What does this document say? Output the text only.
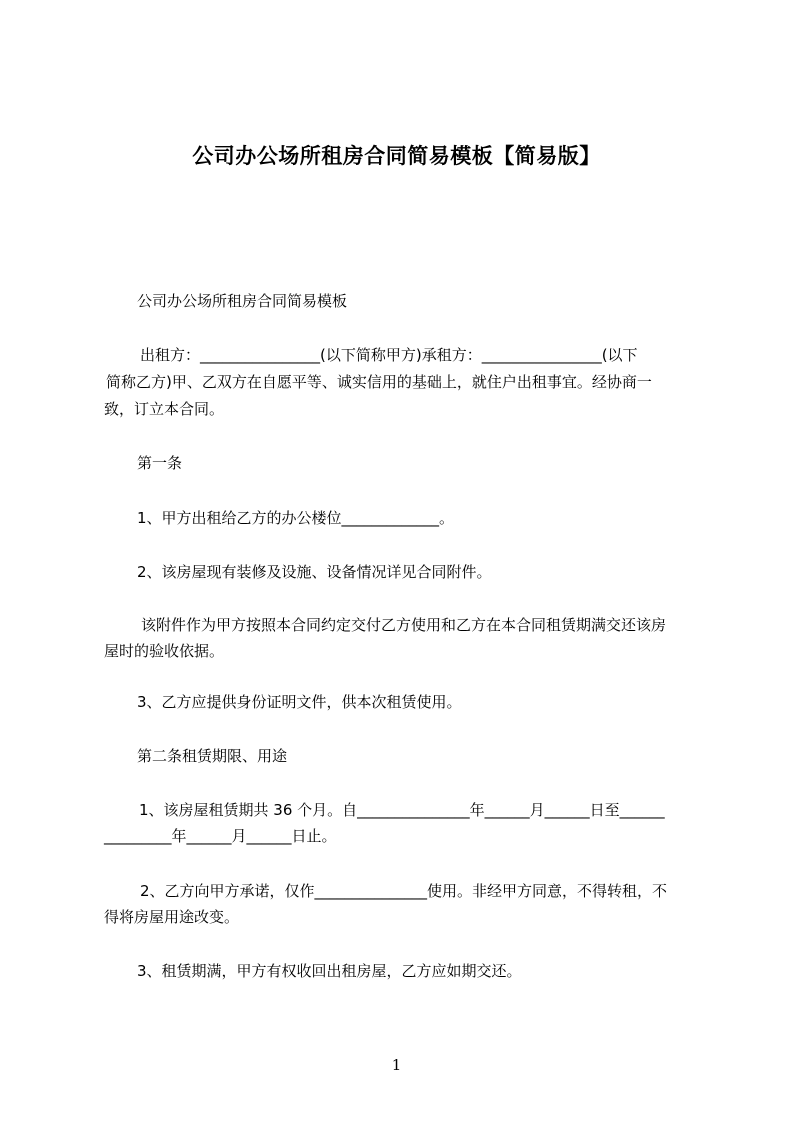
公司办公场所租房合同简易模板【简易版】

公司办公场所租房合同简易模板

出租方：________________(以下简称甲方)承租方：________________(以下

简称乙方)甲、乙双方在自愿平等、诚实信用的基础上，就住户出租事宜。经协商一

致，订立本合同。

第一条

1、甲方出租给乙方的办公楼位_____________。

2、该房屋现有装修及设施、设备情况详见合同附件。

该附件作为甲方按照本合同约定交付乙方使用和乙方在本合同租赁期满交还该房

屋时的验收依据。

3、乙方应提供身份证明文件，供本次租赁使用。

第二条租赁期限、用途

1、该房屋租赁期共 36 个月。自_______________年______月______日至______

_________年______月______日止。

2、乙方向甲方承诺，仅作_______________使用。非经甲方同意，不得转租，不

得将房屋用途改变。

3、租赁期满，甲方有权收回出租房屋，乙方应如期交还。

1
